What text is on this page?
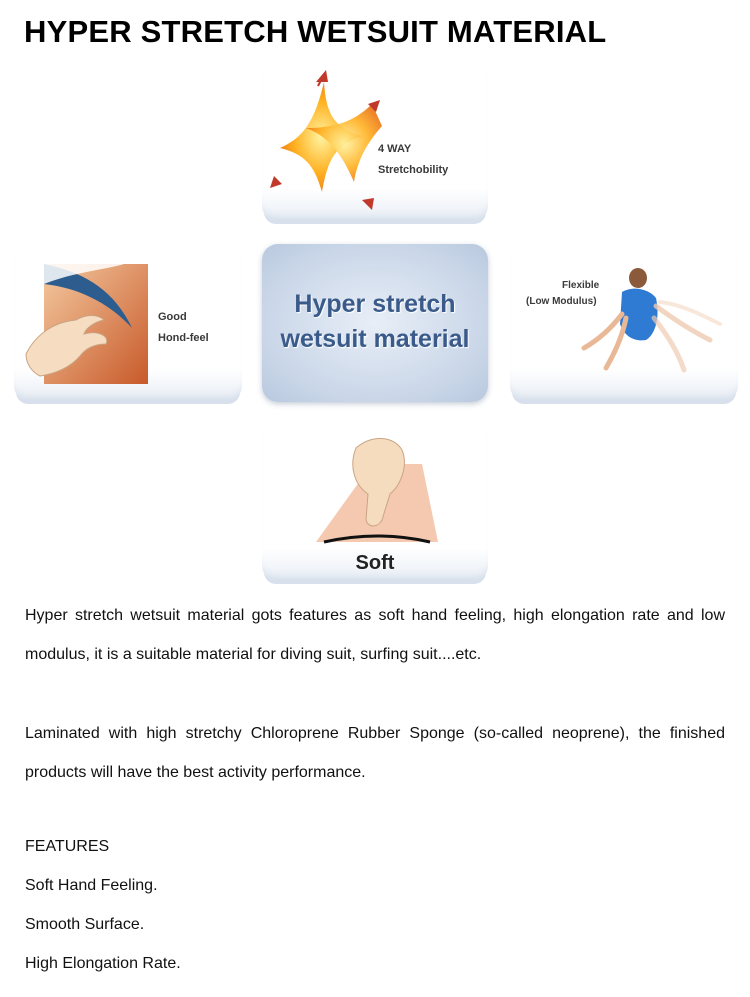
HYPER STRETCH WETSUIT MATERIAL
4 WAY
Stretchobility
Good
Hond-feel
Hyper stretch
wetsuit material
Flexible
(Low Modulus)
Soft
Hyper stretch wetsuit material gots features as soft hand feeling, high elongation rate and low modulus, it is a suitable material for diving suit, surfing suit....etc.
Laminated with high stretchy Chloroprene Rubber Sponge (so-called neoprene), the finished products will have the best activity performance.
FEATURES
Soft Hand Feeling.
Smooth Surface.
High Elongation Rate.
